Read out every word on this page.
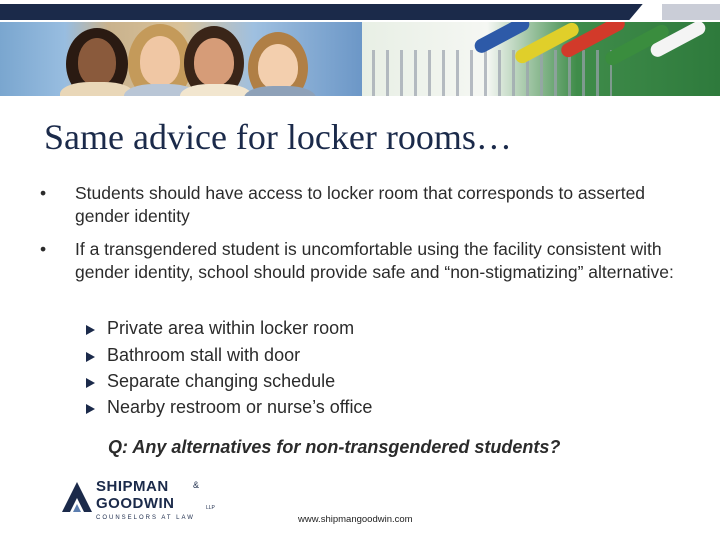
Same advice for locker rooms…
• Students should have access to locker room that corresponds to asserted gender identity
• If a transgendered student is uncomfortable using the facility consistent with gender identity, school should provide safe and “non-stigmatizing” alternative:
Private area within locker room
Bathroom stall with door
Separate changing schedule
Nearby restroom or nurse’s office
Q: Any alternatives for non-transgendered students?
SHIPMAN	&
GOODWIN	LLP
COUNSELORS AT LAW	www.shipmangoodwin.com
